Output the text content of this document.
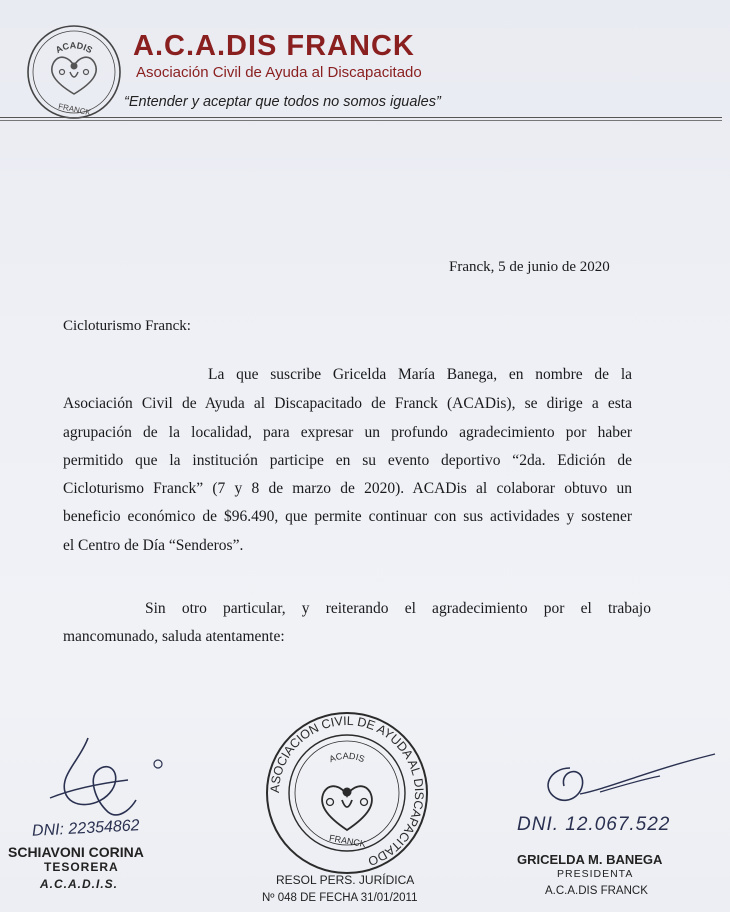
ACADIS
FRANCK
A.C.A.DIS FRANCK
Asociación Civil de Ayuda al Discapacitado
“Entender y aceptar que todos no somos iguales”
Franck, 5 de junio de 2020
Cicloturismo Franck:
La que suscribe Gricelda María Banega, en nombre de la
Asociación Civil de Ayuda al Discapacitado de Franck (ACADis), se dirige a esta
agrupación de la localidad, para expresar un profundo agradecimiento por haber
permitido que la institución participe en su evento deportivo “2da. Edición de
Cicloturismo Franck” (7 y 8 de marzo de 2020). ACADis al colaborar obtuvo un
beneficio económico de $96.490, que permite continuar con sus actividades y sostener
el Centro de Día “Senderos”.
Sin otro particular, y reiterando el agradecimiento por el trabajo
mancomunado, saluda atentamente:
DNI: 22354862
SCHIAVONI CORINA
TESORERA
A.C.A.D.I.S.
ASOCIACION CIVIL DE AYUDA AL DISCAPACITADO
ACADIS
FRANCK
RESOL PERS. JURÍDICA
Nº 048 DE FECHA 31/01/2011
DNI. 12.067.522
GRICELDA M. BANEGA
PRESIDENTA
A.C.A.DIS FRANCK
